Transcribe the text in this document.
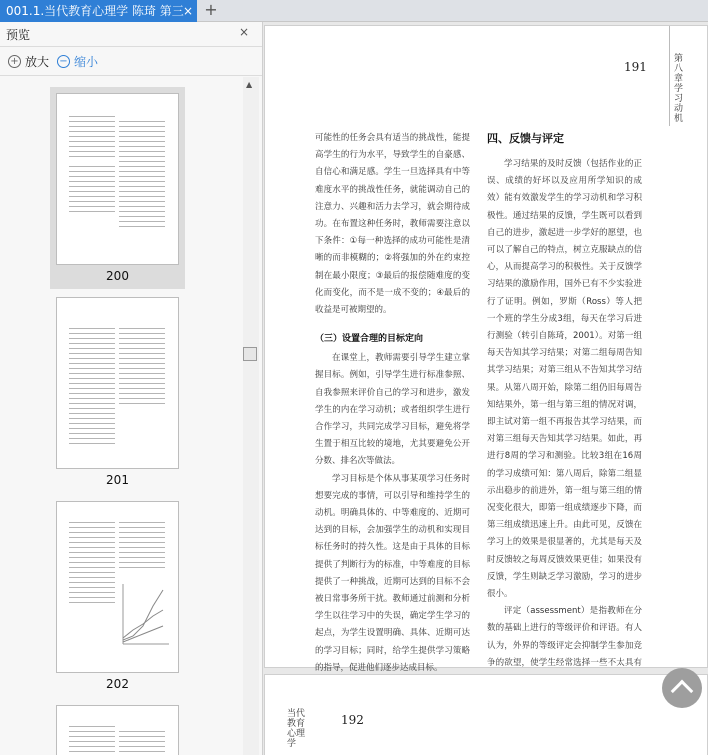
001.1.当代教育心理学 陈琦 第三 × +
预览	×
+ 放大 − 缩小
200
201
202
▲
191
第八章 学习动机

可能性的任务会具有适当的挑战性，能提高学生的行为水平，导致学生的自豪感、自信心和满足感。学生一旦选择具有中等难度水平的挑战性任务，就能调动自己的注意力、兴趣和活力去学习，就会期待成功。在布置这种任务时，教师需要注意以下条件：①每一种选择的成功可能性是清晰的而非模糊的；②将强加的外在约束控制在最小限度；③最后的报偿随难度的变化而变化，而不是一成不变的；④最后的收益是可被期望的。

（三）设置合理的目标定向

在课堂上，教师需要引导学生建立掌握目标。例如，引导学生进行标准参照、自我参照来评价自己的学习和进步，激发学生的内在学习动机；或者组织学生进行合作学习，共同完成学习目标，避免将学生置于相互比较的境地，尤其要避免公开分数、排名次等做法。

学习目标是个体从事某项学习任务时想要完成的事情，可以引导和维持学生的动机。明确具体的、中等难度的、近期可达到的目标，会加强学生的动机和实现目标任务时的持久性。这是由于具体的目标提供了判断行为的标准，中等难度的目标提供了一种挑战，近期可达到的目标不会被日常事务所干扰。教师通过前测和分析学生以往学习中的失误，确定学生学习的起点，为学生设置明确、具体、近期可达的学习目标；同时，给学生提供学习策略的指导，促进他们逐步达成目标。

四、反馈与评定

学习结果的及时反馈（包括作业的正误、成绩的好坏以及应用所学知识的成效）能有效激发学生的学习动机和学习积极性。通过结果的反馈，学生既可以看到自己的进步，激起进一步学好的愿望，也可以了解自己的特点，树立克服缺点的信心，从而提高学习的积极性。关于反馈学习结果的激励作用，国外已有不少实验进行了证明。例如，罗斯（Ross）等人把一个班的学生分成3组，每天在学习后进行测验（转引自陈琦，2001）。对第一组每天告知其学习结果；对第二组每周告知其学习结果；对第三组从不告知其学习结果。从第八周开始，除第二组仍旧每周告知结果外，第一组与第三组的情况对调，即主试对第一组不再报告其学习结果，而对第三组每天告知其学习结果。如此，再进行8周的学习和测验。比较3组在16周的学习成绩可知：第八周后，除第二组显示出稳步的前进外，第一组与第三组的情况变化很大，即第一组成绩逐步下降，而第三组成绩迅速上升。由此可见，反馈在学习上的效果是很显著的，尤其是每天及时反馈较之每周反馈效果更佳；如果没有反馈，学生则缺乏学习激励，学习的进步很小。

评定（assessment）是指教师在分数的基础上进行的等级评价和评语。有人认为，外界的等级评定会抑制学生参加竞争的欲望，使学生经常选择一些不太具有

当代教育心理学
192
